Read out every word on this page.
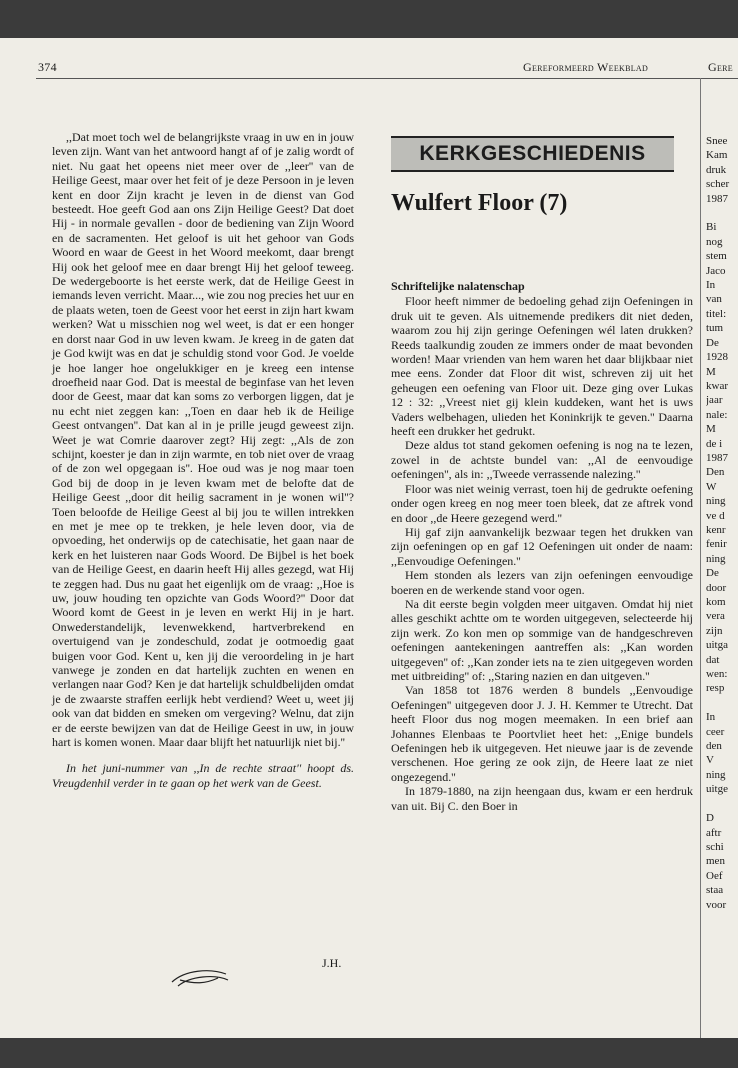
374	Gereformeerd Weekblad	Gere

,,Dat moet toch wel de belangrijkste vraag in uw en in jouw leven zijn. Want van het antwoord hangt af of je zalig wordt of niet. Nu gaat het opeens niet meer over de ,,leer'' van de Heilige Geest, maar over het feit of je deze Persoon in je leven kent en door Zijn kracht je leven in de dienst van God besteedt. Hoe geeft God aan ons Zijn Heilige Geest? Dat doet Hij - in normale gevallen - door de bediening van Zijn Woord en de sacramenten. Het geloof is uit het gehoor van Gods Woord en waar de Geest in het Woord meekomt, daar brengt Hij ook het geloof mee en daar brengt Hij het geloof teweeg. De wedergeboorte is het eerste werk, dat de Heilige Geest in iemands leven verricht. Maar..., wie zou nog precies het uur en de plaats weten, toen de Geest voor het eerst in zijn hart kwam werken? Wat u misschien nog wel weet, is dat er een honger en dorst naar God in uw leven kwam. Je kreeg in de gaten dat je God kwijt was en dat je schuldig stond voor God. Je voelde je hoe langer hoe ongelukkiger en je kreeg een intense droefheid naar God. Dat is meestal de beginfase van het leven door de Geest, maar dat kan soms zo verborgen liggen, dat je nu echt niet zeggen kan: ,,Toen en daar heb ik de Heilige Geest ontvangen''. Dat kan al in je prille jeugd geweest zijn. Weet je wat Comrie daarover zegt? Hij zegt: ,,Als de zon schijnt, koester je dan in zijn warmte, en tob niet over de vraag of de zon wel opgegaan is''. Hoe oud was je nog maar toen God bij de doop in je leven kwam met de belofte dat de Heilige Geest ,,door dit heilig sacrament in je wonen wil''? Toen beloofde de Heilige Geest al bij jou te willen intrekken en met je mee op te trekken, je hele leven door, via de opvoeding, het onderwijs op de catechisatie, het gaan naar de kerk en het luisteren naar Gods Woord. De Bijbel is het boek van de Heilige Geest, en daarin heeft Hij alles gezegd, wat Hij te zeggen had. Dus nu gaat het eigenlijk om de vraag: ,,Hoe is uw, jouw houding ten opzichte van Gods Woord?'' Door dat Woord komt de Geest in je leven en werkt Hij in je hart. Onwederstandelijk, levenwekkend, hartverbrekend en overtuigend van je zondeschuld, zodat je ootmoedig gaat buigen voor God. Kent u, ken jij die veroordeling in je hart vanwege je zonden en dat hartelijk zuchten en wenen en verlangen naar God? Ken je dat hartelijk schuldbelijden omdat je de zwaarste straffen eerlijk hebt verdiend? Weet u, weet jij ook van dat bidden en smeken om vergeving? Welnu, dat zijn er de eerste bewijzen van dat de Heilige Geest in uw, in jouw hart is komen wonen. Maar daar blijft het natuurlijk niet bij.''

In het juni-nummer van ,,In de rechte straat'' hoopt ds. Vreugdenhil verder in te gaan op het werk van de Geest.

J.H.
KERKGESCHIEDENIS
Wulfert Floor (7)

Schriftelijke nalatenschap

Floor heeft nimmer de bedoeling gehad zijn Oefeningen in druk uit te geven. Als uitnemende predikers dit niet deden, waarom zou hij zijn geringe Oefeningen wél laten drukken? Reeds taalkundig zouden ze immers onder de maat bevonden worden! Maar vrienden van hem waren het daar blijkbaar niet mee eens. Zonder dat Floor dit wist, schreven zij uit het geheugen een oefening van Floor uit. Deze ging over Lukas 12 : 32: ,,Vreest niet gij klein kuddeken, want het is uws Vaders welbehagen, ulieden het Koninkrijk te geven.'' Daarna heeft een drukker het gedrukt.

Deze aldus tot stand gekomen oefening is nog na te lezen, zowel in de achtste bundel van: ,,Al de eenvoudige oefeningen'', als in: ,,Tweede verrassende nalezing.''

Floor was niet weinig verrast, toen hij de gedrukte oefening onder ogen kreeg en nog meer toen bleek, dat ze aftrek vond en door ,,de Heere gezegend werd.''

Hij gaf zijn aanvankelijk bezwaar tegen het drukken van zijn oefeningen op en gaf 12 Oefeningen uit onder de naam: ,,Eenvoudige Oefeningen.''

Hem stonden als lezers van zijn oefeningen eenvoudige boeren en de werkende stand voor ogen.

Na dit eerste begin volgden meer uitgaven. Omdat hij niet alles geschikt achtte om te worden uitgegeven, selecteerde hij zijn werk. Zo kon men op sommige van de handgeschreven oefeningen aantekeningen aantreffen als: ,,Kan worden uitgegeven'' of: ,,Kan zonder iets na te zien uitgegeven worden met uitbreiding'' of: ,,Staring nazien en dan uitgeven.''

Van 1858 tot 1876 werden 8 bundels ,,Eenvoudige Oefeningen'' uitgegeven door J. J. H. Kemmer te Utrecht. Dat heeft Floor dus nog mogen meemaken. In een brief aan Johannes Elenbaas te Poortvliet heet het: ,,Enige bundels Oefeningen heb ik uitgegeven. Het nieuwe jaar is de zevende verschenen. Hoe gering ze ook zijn, de Heere laat ze niet ongezegend.''

In 1879-1880, na zijn heengaan dus, kwam er een herdruk van uit. Bij C. den Boer in

Snee
Kam
druk
scher
1987

Bi
nog
stem
Jaco
In
van
titel:
tum
De
1928
M
kwar
jaar
nale:
M
de i
1987
Den
W
ning
ve d
kenr
fenir
ning
De
door
kom
vera
zijn
uitga
dat
wen:
resp

In
ceer
den
V
ning
uitge

D
aftr
schi
men
Oef
staa
voor
